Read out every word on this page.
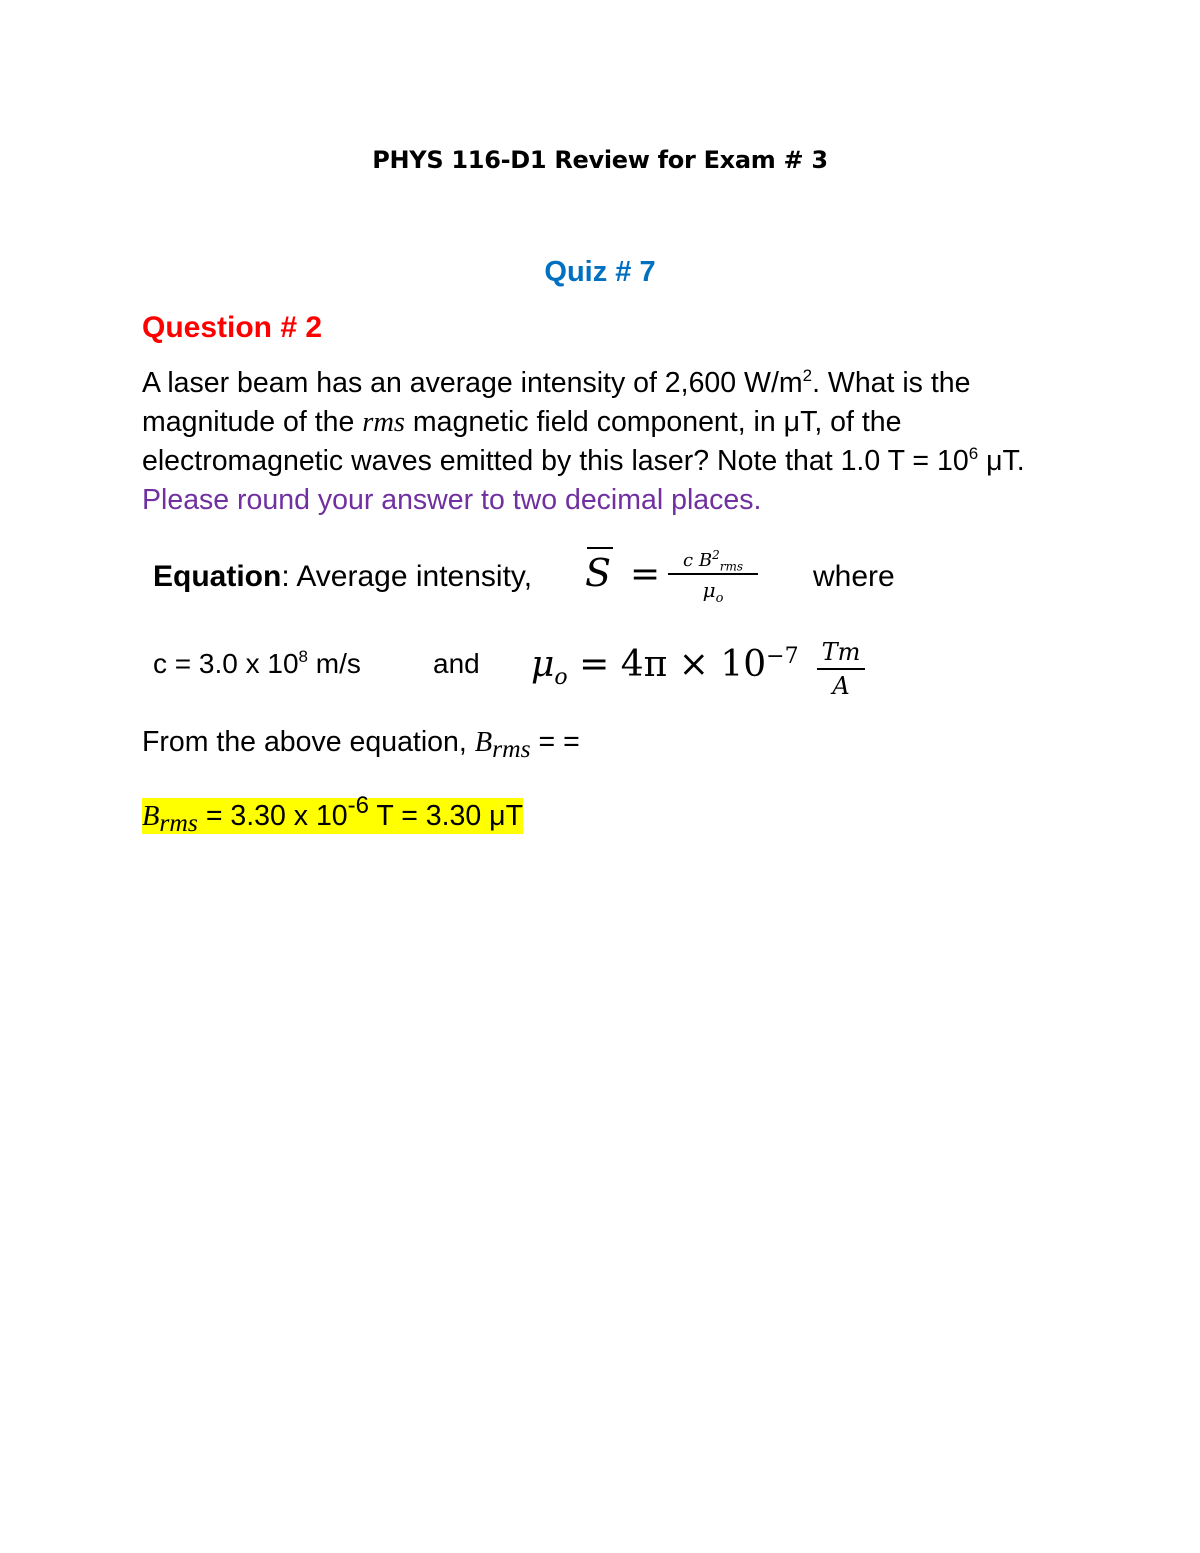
PHYS 116-D1 Review for Exam # 3
Quiz # 7
Question # 2
A laser beam has an average intensity of 2,600 $W/m^2$. What is the magnitude of the rms magnetic field component, in μT, of the electromagnetic waves emitted by this laser? Note that 1.0 $T = 10^6$ μT. Please round your answer to two decimal places.
Equation: Average intensity, S =	c $B^2_{rms}$
$\mu_o$
where
c = 3.0 x $10^8$ m/s	and $\mu_o = 4\pi \times 10^{-7}$ Tm
A
From the above equation, $B_{rms}$ = =
$B_{rms} = 3.30$ x $10^{-6}$ T = 3.30 μT
